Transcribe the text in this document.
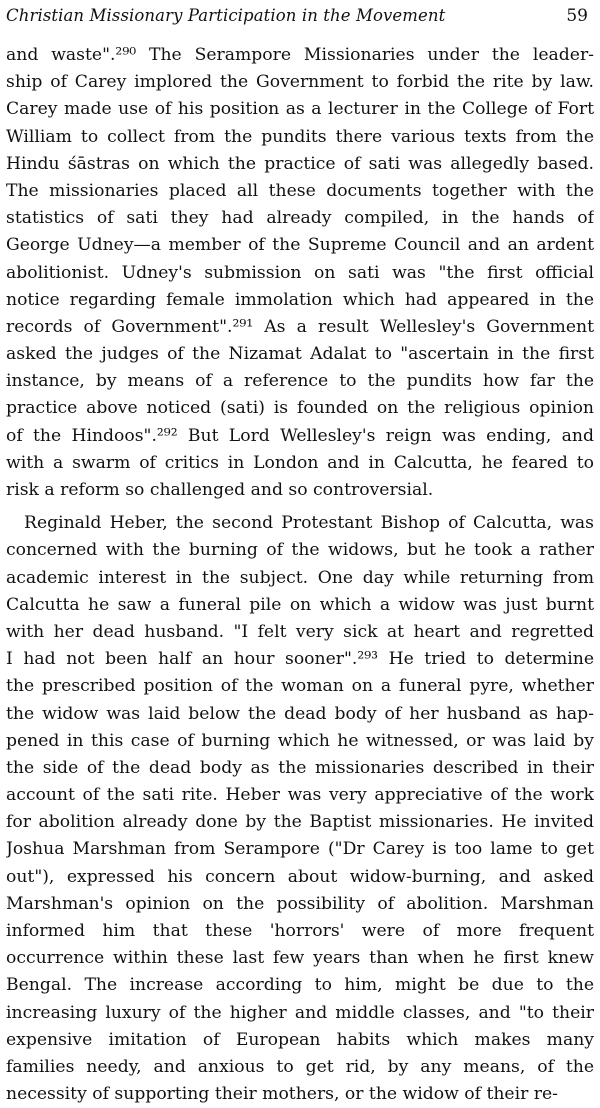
Christian Missionary Participation in the Movement	59
and waste".²⁹⁰ The Serampore Missionaries under the leader-
ship of Carey implored the Government to forbid the rite by law.
Carey made use of his position as a lecturer in the College of Fort
William to collect from the pundits there various texts from the
Hindu śāstras on which the practice of sati was allegedly based.
The missionaries placed all these documents together with the
statistics of sati they had already compiled, in the hands of
George Udney—a member of the Supreme Council and an ardent
abolitionist. Udney's submission on sati was "the first official
notice regarding female immolation which had appeared in the
records of Government".²⁹¹ As a result Wellesley's Government
asked the judges of the Nizamat Adalat to "ascertain in the first
instance, by means of a reference to the pundits how far the
practice above noticed (sati) is founded on the religious opinion
of the Hindoos".²⁹² But Lord Wellesley's reign was ending, and
with a swarm of critics in London and in Calcutta, he feared to
risk a reform so challenged and so controversial.
Reginald Heber, the second Protestant Bishop of Calcutta, was
concerned with the burning of the widows, but he took a rather
academic interest in the subject. One day while returning from
Calcutta he saw a funeral pile on which a widow was just burnt
with her dead husband. "I felt very sick at heart and regretted
I had not been half an hour sooner".²⁹³ He tried to determine
the prescribed position of the woman on a funeral pyre, whether
the widow was laid below the dead body of her husband as hap-
pened in this case of burning which he witnessed, or was laid by
the side of the dead body as the missionaries described in their
account of the sati rite. Heber was very appreciative of the work
for abolition already done by the Baptist missionaries. He invited
Joshua Marshman from Serampore ("Dr Carey is too lame to get
out"), expressed his concern about widow-burning, and asked
Marshman's opinion on the possibility of abolition. Marshman
informed him that these 'horrors' were of more frequent
occurrence within these last few years than when he first knew
Bengal. The increase according to him, might be due to the
increasing luxury of the higher and middle classes, and "to their
expensive imitation of European habits which makes many
families needy, and anxious to get rid, by any means, of the
necessity of supporting their mothers, or the widow of their re-
